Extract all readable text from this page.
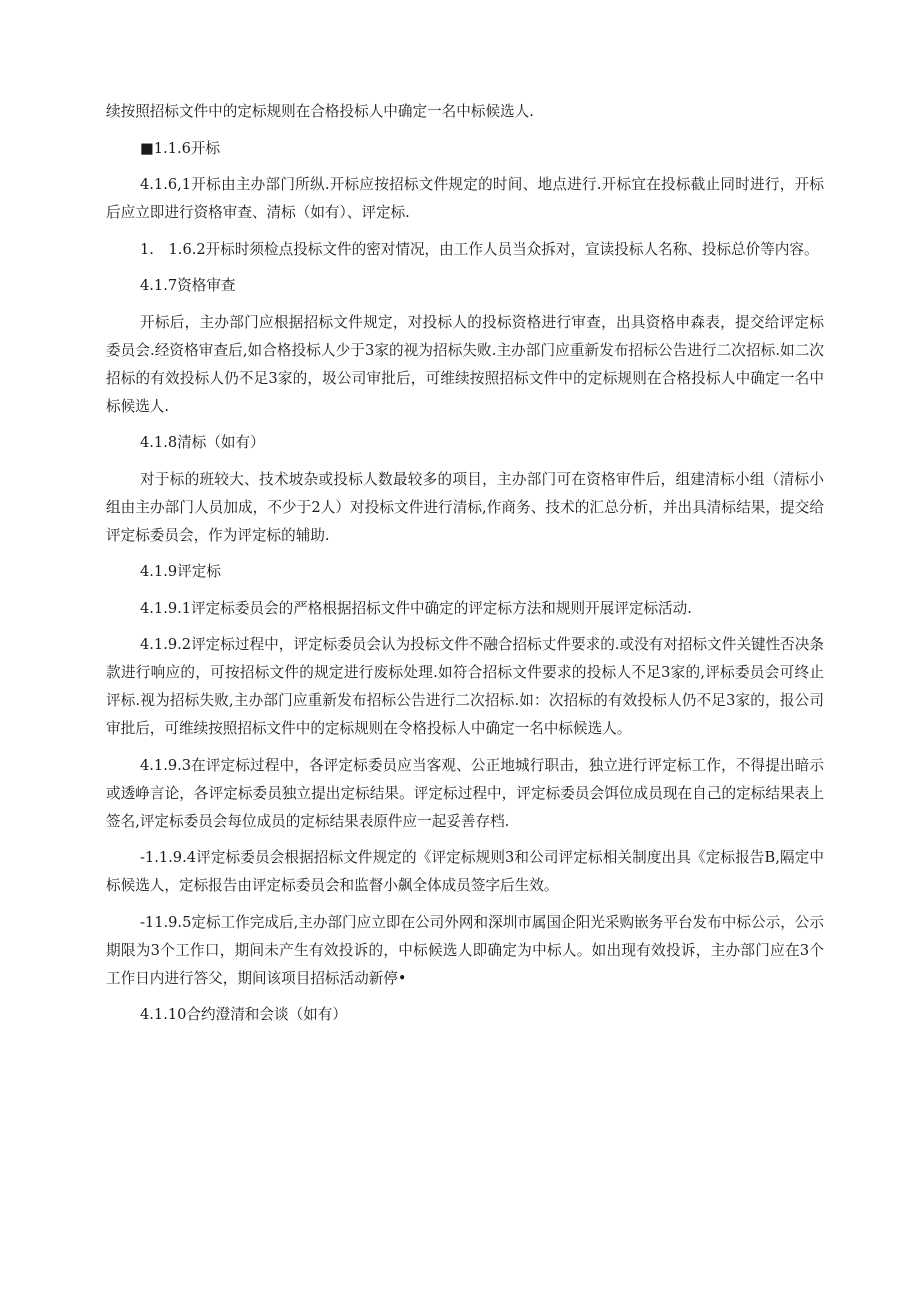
续按照招标文件中的定标规则在合格投标人中确定一名中标候选人.

■1.1.6开标

4.1.6,1开标由主办部门所纵.开标应按招标文件规定的时间、地点进行.开标宜在投标截止同时进行，开标后应立即进行资格审查、清标（如有）、评定标.

1.　1.6.2开标时须检点投标文件的密对情况，由工作人员当众拆对，宣读投标人名称、投标总价等内容。

4.1.7资格审查

开标后，主办部门应根据招标文件规定，对投标人的投标资格进行审查，出具资格申森表，提交给评定标委员会.经资格审查后,如合格投标人少于3家的视为招标失败.主办部门应重新发布招标公告进行二次招标.如二次招标的有效投标人仍不足3家的，圾公司审批后，可维续按照招标文件中的定标规则在合格投标人中确定一名中标候选人.

4.1.8清标（如有）

对于标的班较大、技术坡杂或投标人数最较多的项目，主办部门可在资格审件后，组建清标小组（清标小组由主办部门人员加成，不少于2人）对投标文件进行清标,作商务、技术的汇总分析，并出具清标结果，提交给评定标委员会，作为评定标的辅助.

4.1.9评定标

4.1.9.1评定标委员会的严格根据招标文件中确定的评定标方法和规则开展评定标活动.

4.1.9.2评定标过程中，评定标委员会认为投标文件不融合招标丈件要求的.或没有对招标文件关键性否决条款进行响应的，可按招标文件的规定进行废标处理.如符合招标文件要求的投标人不足3家的,评标委员会可终止评标.视为招标失败,主办部门应重新发布招标公告进行二次招标.如：次招标的有效投标人仍不足3家的，报公司审批后，可维续按照招标文件中的定标规则在令格投标人中确定一名中标候选人。

4.1.9.3在评定标过程中，各评定标委员应当客观、公正地城行职击，独立进行评定标工作，不得提出暗示或透峥言论，各评定标委员独立提出定标结果。评定标过程中，评定标委员会饵位成员现在自己的定标结果表上签名,评定标委员会每位成员的定标结果表原件应一起妥善存档.

-1.1.9.4评定标委员会根据招标文件规定的《评定标规则3和公司评定标相关制度出具《定标报告B,隔定中标候选人，定标报告由评定标委员会和监督小飙全体成员签字后生效。

-11.9.5定标工作完成后,主办部门应立即在公司外网和深圳市属国企阳光采购嵌务平台发布中标公示，公示期限为3个工作口，期间未产生有效投诉的，中标候选人即确定为中标人。如出现有效投诉，主办部门应在3个工作日内进行答父，期间该项目招标活动新停•

4.1.10合约澄清和会谈（如有）
